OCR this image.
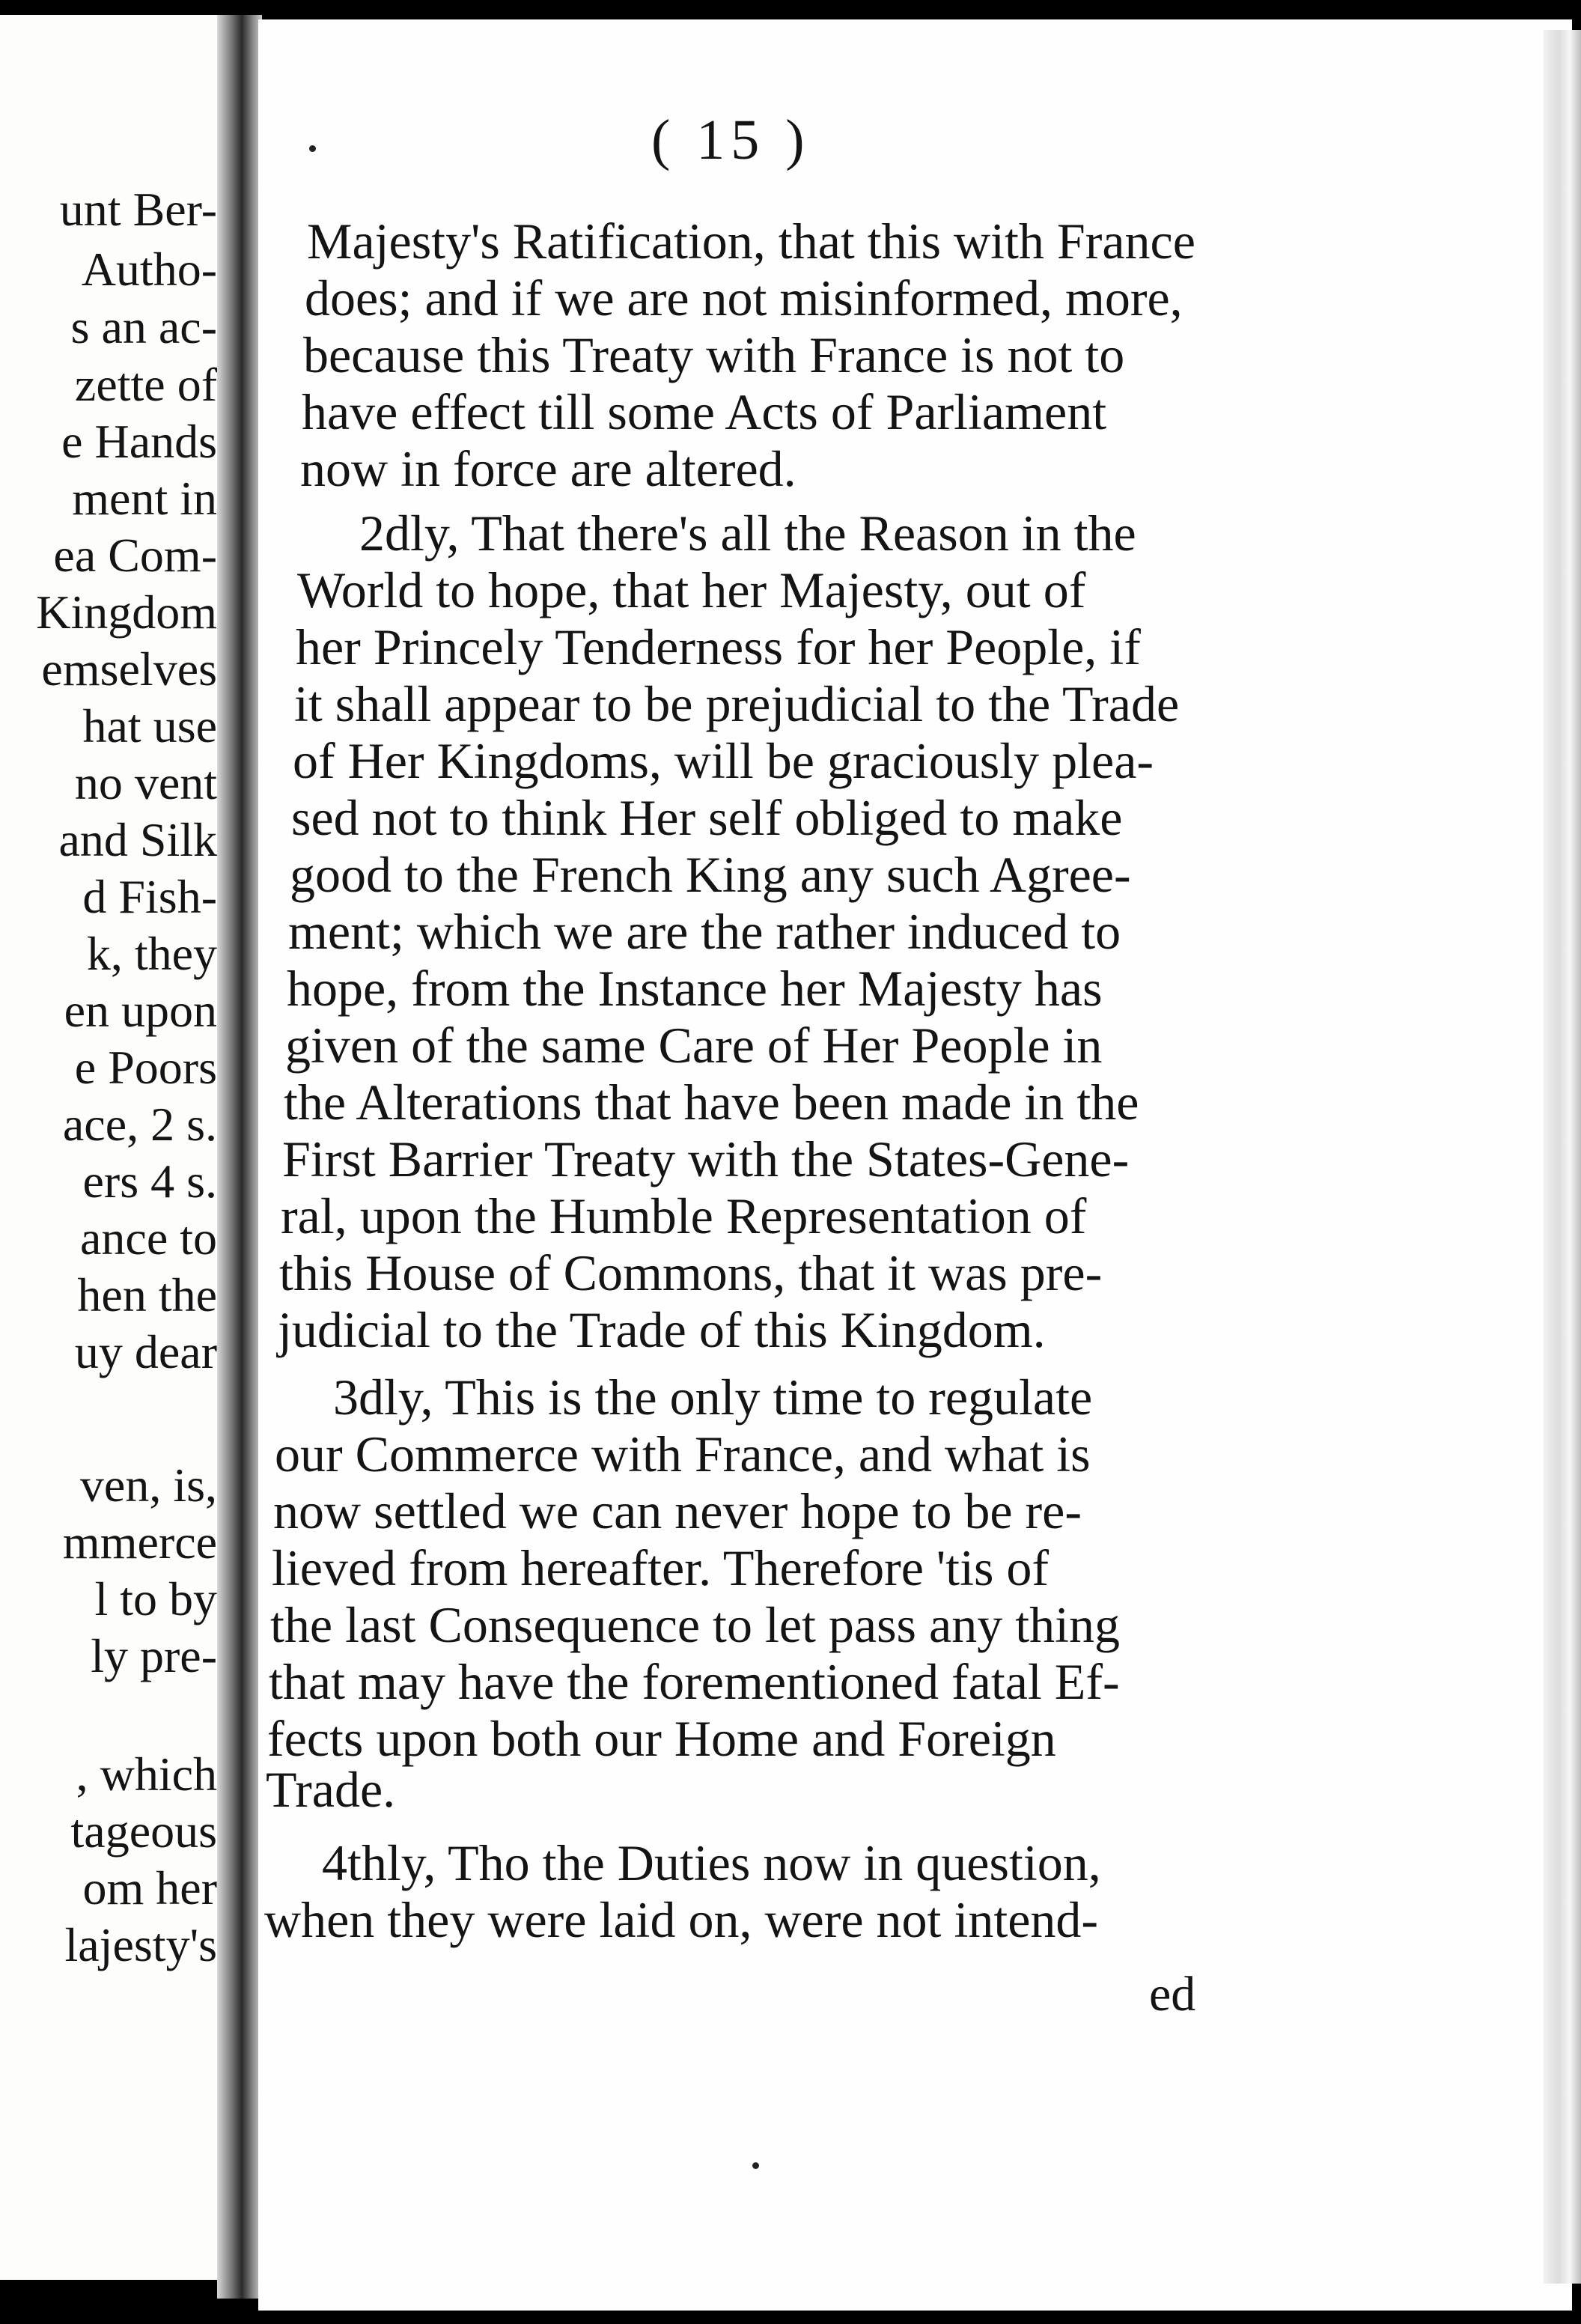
unt Ber-

Autho-

s an ac-

zette of

e Hands

ment in

ea Com-

Kingdom

emselves

hat use

no vent

and Silk

d Fish-

k, they

en upon

e Poors

ace, 2 s.

ers 4 s.

ance to

hen the

uy dear

ven, is,

mmerce

l to by

ly pre-

, which

tageous

om her

lajesty's

( 15 )

Majesty's Ratification, that this with France

does; and if we are not misinformed, more,

because this Treaty with France is not to

have effect till some Acts of Parliament

now in force are altered.

2dly, That there's all the Reason in the

World to hope, that her Majesty, out of

her Princely Tenderness for her People, if

it shall appear to be prejudicial to the Trade

of Her Kingdoms, will be graciously plea-

sed not to think Her self obliged to make

good to the French King any such Agree-

ment; which we are the rather induced to

hope, from the Instance her Majesty has

given of the same Care of Her People in

the Alterations that have been made in the

First Barrier Treaty with the States-Gene-

ral, upon the Humble Representation of

this House of Commons, that it was pre-

judicial to the Trade of this Kingdom.

3dly, This is the only time to regulate

our Commerce with France, and what is

now settled we can never hope to be re-

lieved from hereafter. Therefore 'tis of

the last Consequence to let pass any thing

that may have the forementioned fatal Ef-

fects upon both our Home and Foreign

Trade.

4thly, Tho the Duties now in question,

when they were laid on, were not intend-

ed
